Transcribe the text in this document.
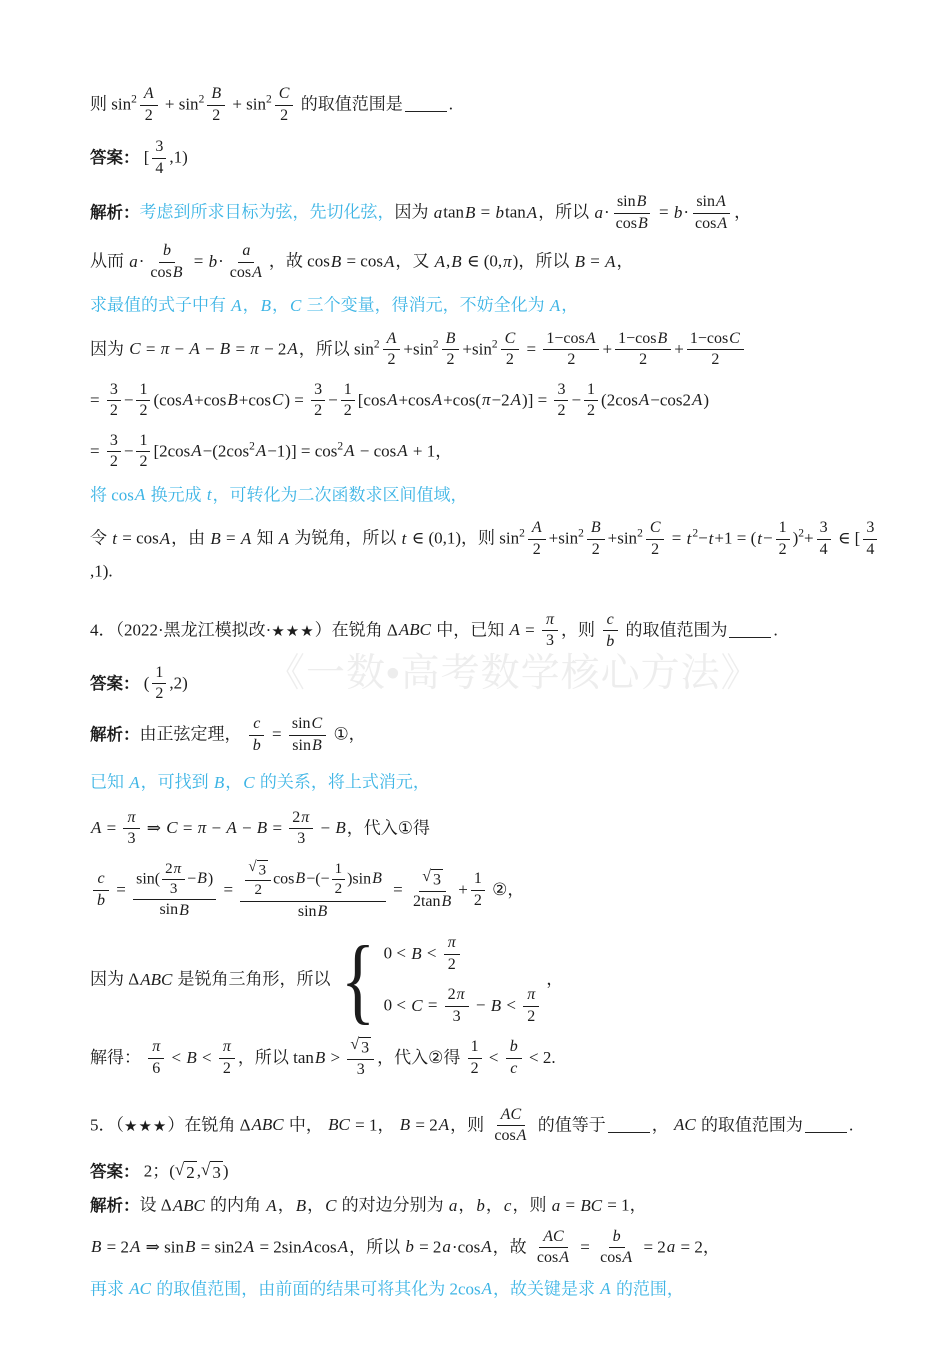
《一数•高考数学核心方法》
则 $\sin^2 \frac{A}{2} + \sin^2 \frac{B}{2} + \sin^2 \frac{C}{2}$ 的取值范围是	.
答案： [ $\frac{3}{4} ,1$)
解析：考虑到所求目标为弦，先切化弦，因为 atanB = btanA，所以 $a\cdot \frac{\sin B}{\cos B} = b\cdot \frac{\sin A}{\cos A}$ ，
从而 $a\cdot \frac{b}{\cos B} = b\cdot \frac{a}{\cos A}$ ，故 cosB = cosA，又 A,B ∈ (0,π)，所以 B = A，
求最值的式子中有 A，B，C 三个变量，得消元，不妨全化为 A，
因为 C = π − A − B = π − 2A，所以 $\sin^2 \frac{A}{2} +\sin^2 \frac{B}{2} +\sin^2 \frac{C}{2} = \frac{1-\cos A}{2} + \frac{1-\cos B}{2} + \frac{1-\cos C}{2}$
= $\frac{3}{2} - \frac{1}{2} (\cos A+\cos B+\cos C) = \frac{3}{2} - \frac{1}{2} [\cos A+\cos A+\cos(\pi-2A)] = \frac{3}{2} - \frac{1}{2} (2\cos A-\cos 2A)$
= $\frac{3}{2} - \frac{1}{2} [2\cos A-(2\cos^2A-1)] = \cos^2A - \cos A + 1$，
将 cosA 换元成 t，可转化为二次函数求区间值域，
令 t = cosA，由 B = A 知 A 为锐角，所以 t ∈ (0,1)，则 $\sin^2 \frac{A}{2} +\sin^2 \frac{B}{2} +\sin^2 \frac{C}{2} = t^2-t+1 = (t- \frac{1}{2} )^2+ \frac{3}{4}$ ∈ [ $\frac{3}{4}$
,1).
4．（2022·黑龙江模拟改·★★★）在锐角 ΔABC 中，已知 $A = \frac{\pi}{3}$ ，则 $\frac{c}{b}$ 的取值范围为	.
答案： ( $\frac{1}{2} ,2$)
解析：由正弦定理， $\frac{c}{b} = \frac{\sin C}{\sin B}$ ①，
已知 A，可找到 B，C 的关系，将上式消元，
$A = \frac{\pi}{3}$ ⇒ $C = \pi - A - B = \frac{2\pi}{3} - B$，代入①得
$\frac{c}{b} = \frac{\sin( \frac{2\pi}{3} -B)}{\sin B} = \frac{\frac{√ 3}{2} \cos B-(- \frac{1}{2} )\sin B}{\sin B} = \frac{√ 3}{2\tan B} + \frac{1}{2}$ ②，
因为 ΔABC 是锐角三角形，所以 { $0 < B < \frac{\pi}{2}$
$0 < C = \frac{2\pi}{3} - B < \frac{\pi}{2}$
，
解得： $\frac{\pi}{6} < B < \frac{\pi}{2}$ ，所以 $\tan B > \frac{√ 3}{3}$ ，代入②得 $\frac{1}{2} < \frac{b}{c} < 2$.
5．（★★★）在锐角 ΔABC 中， BC = 1， B = 2A，则 $\frac{AC}{\cos A}$ 的值等于	， AC 的取值范围为	.
答案： 2；( √ 2 , √ 3 )
解析：设 ΔABC 的内角 A，B，C 的对边分别为 a，b，c，则 a = BC = 1，
B = 2A ⇒ sinB = sin2A = 2sinAcosA，所以 b = 2a·cosA，故 $\frac{AC}{\cos A} = \frac{b}{\cos A} = 2a = 2$，
再求 AC 的取值范围，由前面的结果可将其化为 2cosA，故关键是求 A 的范围，
